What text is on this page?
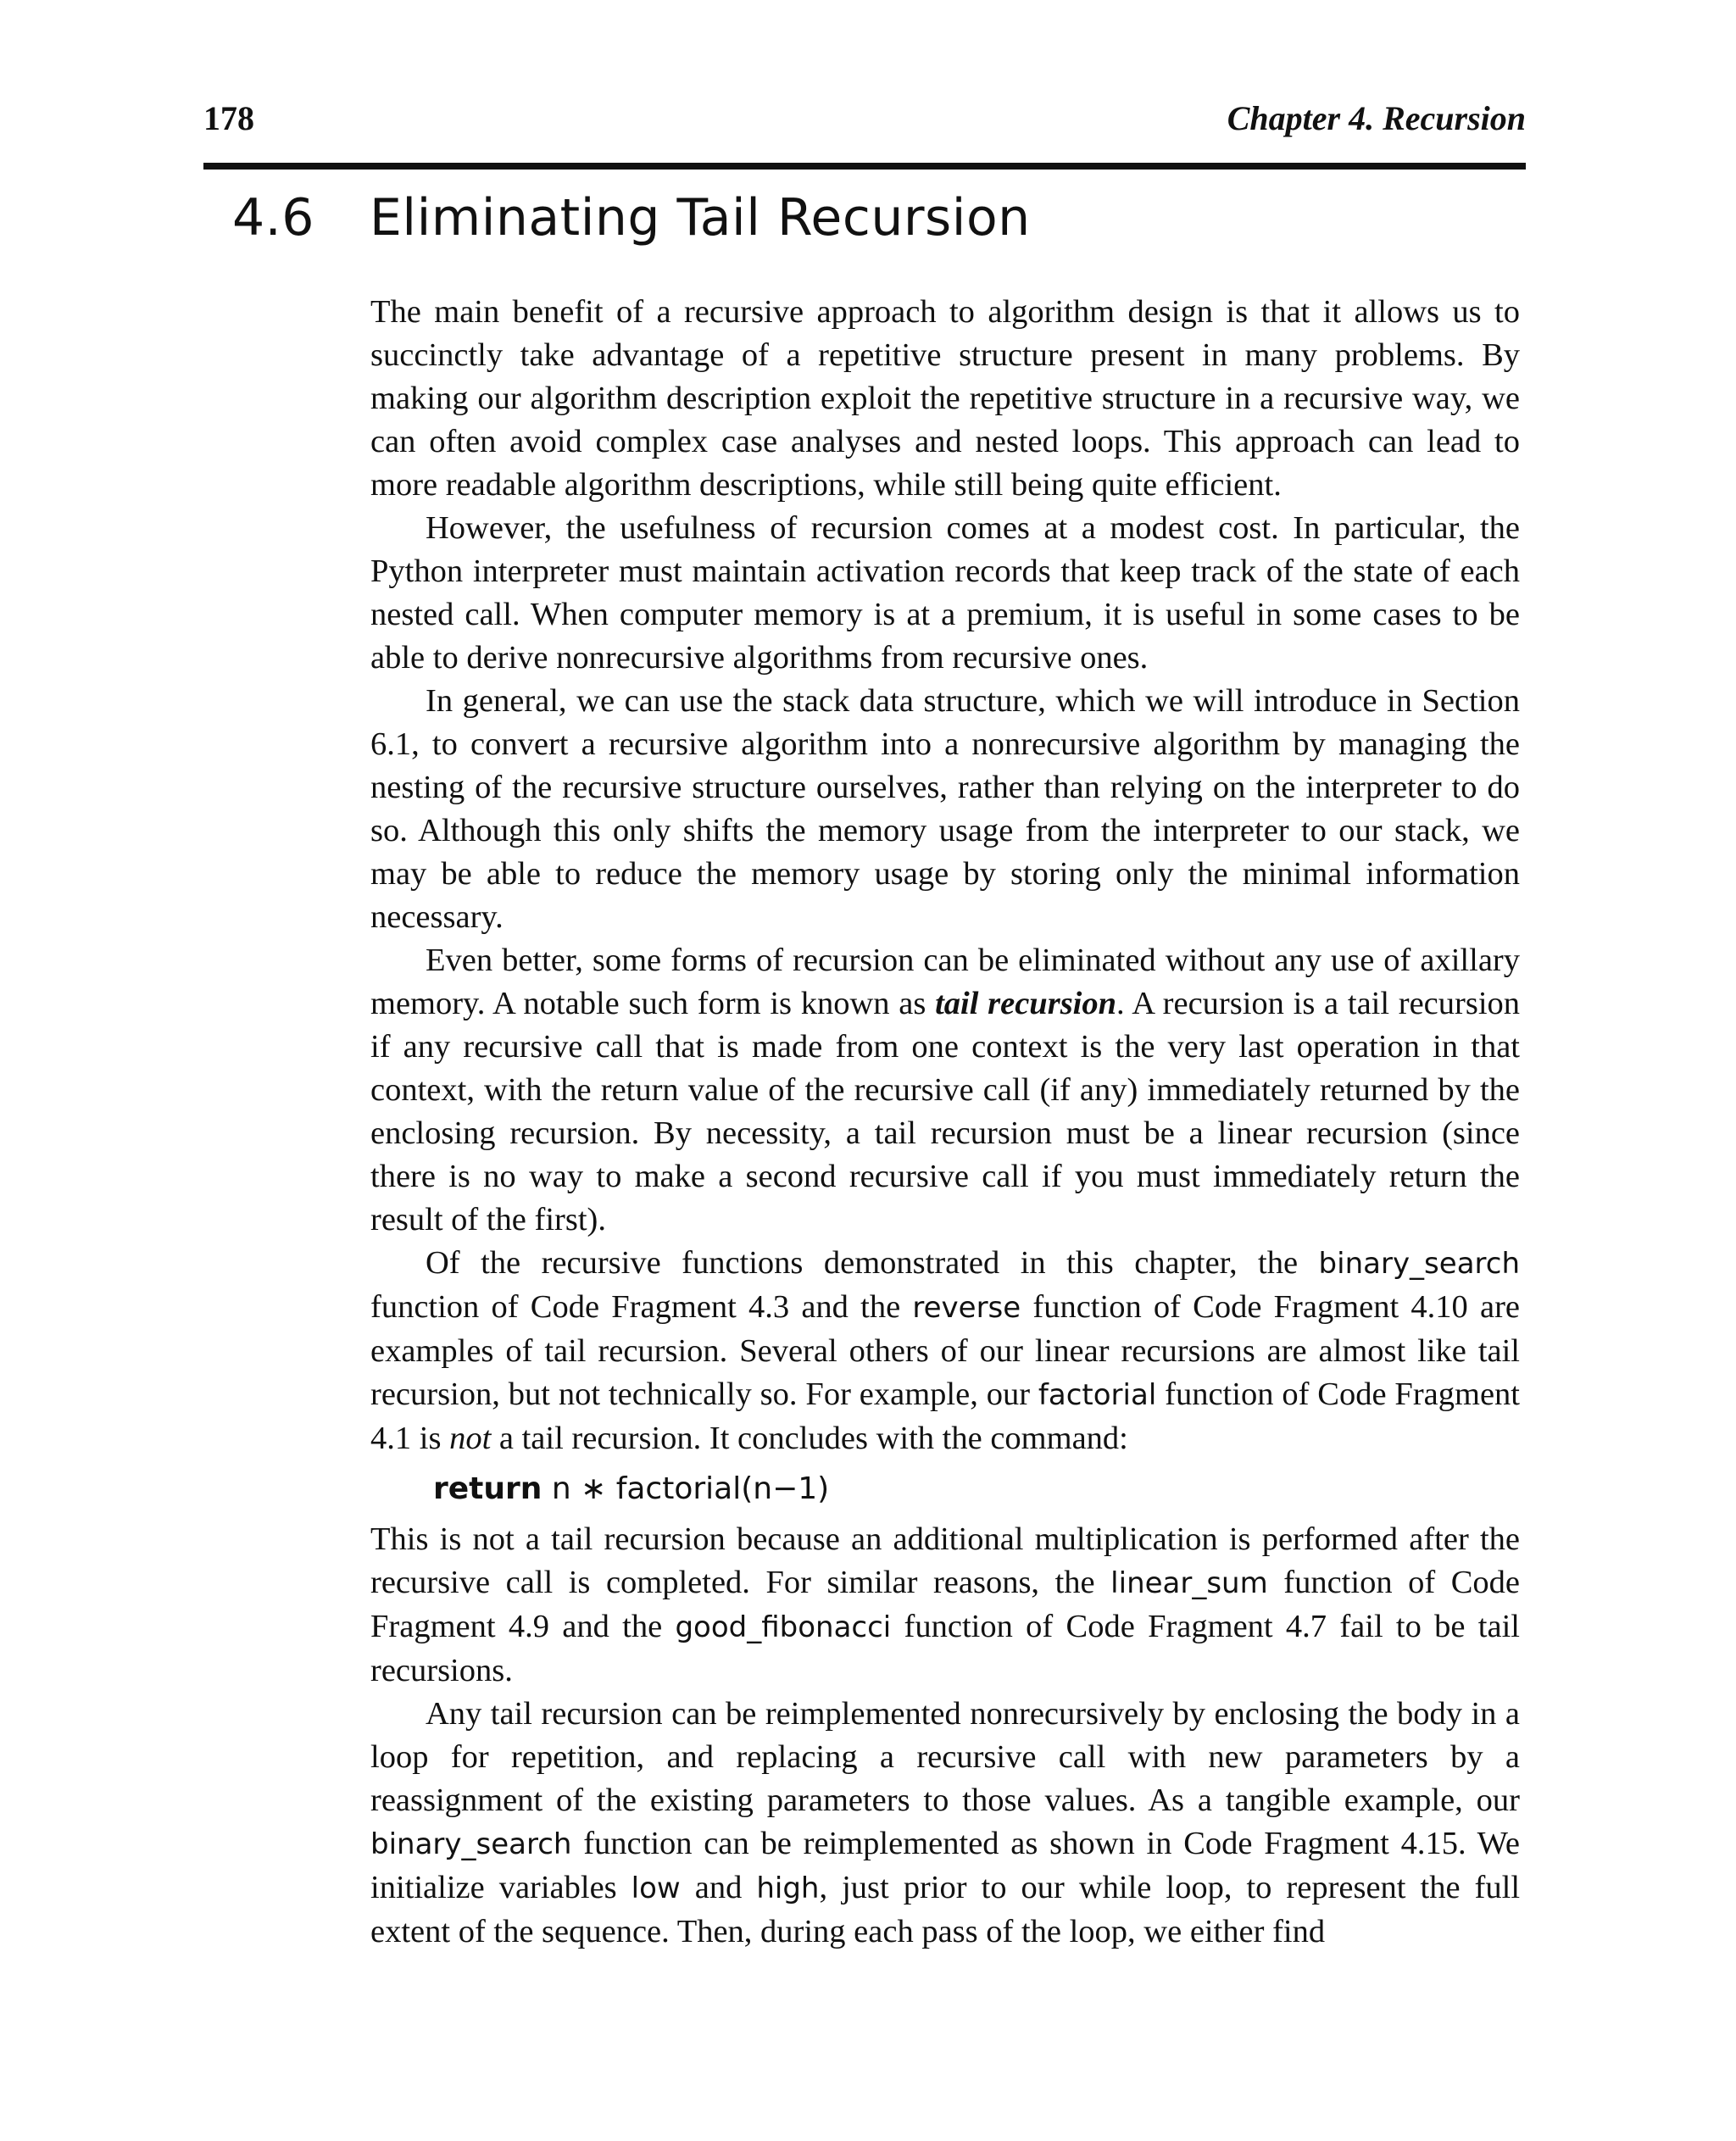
178	Chapter 4. Recursion
4.6 Eliminating Tail Recursion

The main benefit of a recursive approach to algorithm design is that it allows us to succinctly take advantage of a repetitive structure present in many problems. By making our algorithm description exploit the repetitive structure in a recursive way, we can often avoid complex case analyses and nested loops. This approach can lead to more readable algorithm descriptions, while still being quite efficient.

However, the usefulness of recursion comes at a modest cost. In particular, the Python interpreter must maintain activation records that keep track of the state of each nested call. When computer memory is at a premium, it is useful in some cases to be able to derive nonrecursive algorithms from recursive ones.

In general, we can use the stack data structure, which we will introduce in Section 6.1, to convert a recursive algorithm into a nonrecursive algorithm by managing the nesting of the recursive structure ourselves, rather than relying on the interpreter to do so. Although this only shifts the memory usage from the interpreter to our stack, we may be able to reduce the memory usage by storing only the minimal information necessary.

Even better, some forms of recursion can be eliminated without any use of axillary memory. A notable such form is known as tail recursion. A recursion is a tail recursion if any recursive call that is made from one context is the very last operation in that context, with the return value of the recursive call (if any) immediately returned by the enclosing recursion. By necessity, a tail recursion must be a linear recursion (since there is no way to make a second recursive call if you must immediately return the result of the first).

Of the recursive functions demonstrated in this chapter, the binary_search function of Code Fragment 4.3 and the reverse function of Code Fragment 4.10 are examples of tail recursion. Several others of our linear recursions are almost like tail recursion, but not technically so. For example, our factorial function of Code Fragment 4.1 is not a tail recursion. It concludes with the command:

return n ∗ factorial(n−1)

This is not a tail recursion because an additional multiplication is performed after the recursive call is completed. For similar reasons, the linear_sum function of Code Fragment 4.9 and the good_fibonacci function of Code Fragment 4.7 fail to be tail recursions.

Any tail recursion can be reimplemented nonrecursively by enclosing the body in a loop for repetition, and replacing a recursive call with new parameters by a reassignment of the existing parameters to those values. As a tangible example, our binary_search function can be reimplemented as shown in Code Fragment 4.15. We initialize variables low and high, just prior to our while loop, to represent the full extent of the sequence. Then, during each pass of the loop, we either find
